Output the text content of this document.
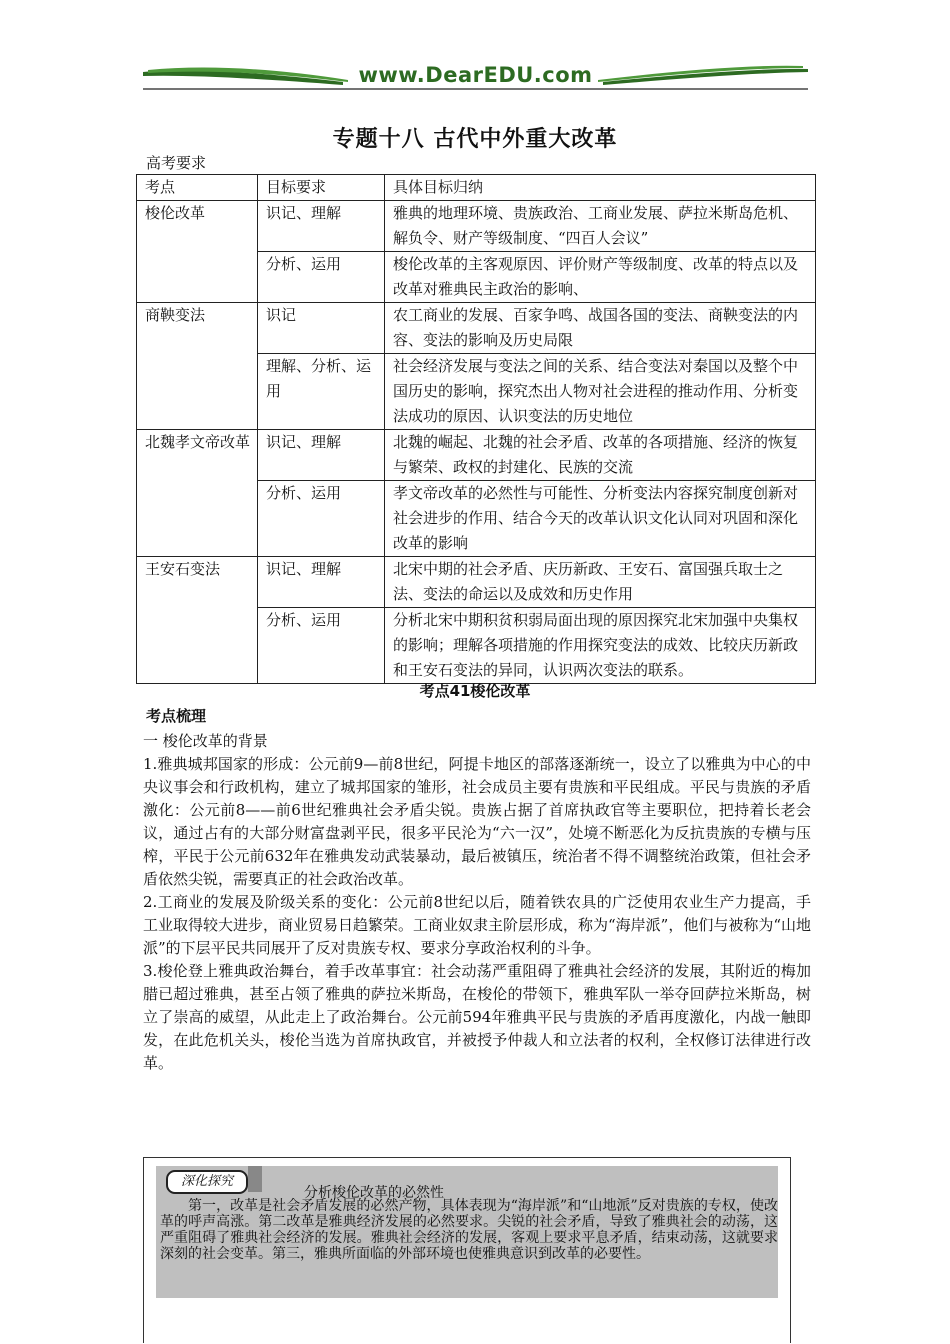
www.DearEDU.com
专题十八 古代中外重大改革
高考要求
考点	目标要求	具体目标归纳
梭伦改革	识记、理解	雅典的地理环境、贵族政治、工商业发展、萨拉米斯岛危机、解负令、财产等级制度、“四百人会议”
	分析、运用	梭伦改革的主客观原因、评价财产等级制度、改革的特点以及改革对雅典民主政治的影响、
商鞅变法	识记	农工商业的发展、百家争鸣、战国各国的变法、商鞅变法的内容、变法的影响及历史局限
	理解、分析、运用	社会经济发展与变法之间的关系、结合变法对秦国以及整个中国历史的影响，探究杰出人物对社会进程的推动作用、分析变法成功的原因、认识变法的历史地位
北魏孝文帝改革	识记、理解	北魏的崛起、北魏的社会矛盾、改革的各项措施、经济的恢复与繁荣、政权的封建化、民族的交流
	分析、运用	孝文帝改革的必然性与可能性、分析变法内容探究制度创新对社会进步的作用、结合今天的改革认识文化认同对巩固和深化改革的影响
王安石变法	识记、理解	北宋中期的社会矛盾、庆历新政、王安石、富国强兵取士之法、变法的命运以及成效和历史作用
	分析、运用	分析北宋中期积贫积弱局面出现的原因探究北宋加强中央集权的影响；理解各项措施的作用探究变法的成效、比较庆历新政和王安石变法的异同，认识两次变法的联系。
考点41梭伦改革
考点梳理

一 梭伦改革的背景

1.雅典城邦国家的形成：公元前9—前8世纪，阿提卡地区的部落逐渐统一，设立了以雅典为中心的中央议事会和行政机构，建立了城邦国家的雏形，社会成员主要有贵族和平民组成。平民与贵族的矛盾激化：公元前8——前6世纪雅典社会矛盾尖锐。贵族占据了首席执政官等主要职位，把持着长老会议，通过占有的大部分财富盘剥平民，很多平民沦为“六一汉”，处境不断恶化为反抗贵族的专横与压榨，平民于公元前632年在雅典发动武装暴动，最后被镇压，统治者不得不调整统治政策，但社会矛盾依然尖锐，需要真正的社会政治改革。

2.工商业的发展及阶级关系的变化：公元前8世纪以后，随着铁农具的广泛使用农业生产力提高，手工业取得较大进步，商业贸易日趋繁荣。工商业奴隶主阶层形成，称为“海岸派”，他们与被称为“山地派”的下层平民共同展开了反对贵族专权、要求分享政治权利的斗争。

3.梭伦登上雅典政治舞台，着手改革事宜：社会动荡严重阻碍了雅典社会经济的发展，其附近的梅加腊已超过雅典，甚至占领了雅典的萨拉米斯岛，在梭伦的带领下，雅典军队一举夺回萨拉米斯岛，树立了崇高的威望，从此走上了政治舞台。公元前594年雅典平民与贵族的矛盾再度激化，内战一触即发，在此危机关头，梭伦当选为首席执政官，并被授予仲裁人和立法者的权利，全权修订法律进行改革。

深化探究
分析梭伦改革的必然性
第一，改革是社会矛盾发展的必然产物，具体表现为“海岸派”和“山地派”反对贵族的专权，使改革的呼声高涨。第二改革是雅典经济发展的必然要求。尖锐的社会矛盾，导致了雅典社会的动荡，这严重阻碍了雅典社会经济的发展。雅典社会经济的发展，客观上要求平息矛盾，结束动荡，这就要求深刻的社会变革。第三，雅典所面临的外部环境也使雅典意识到改革的必要性。
